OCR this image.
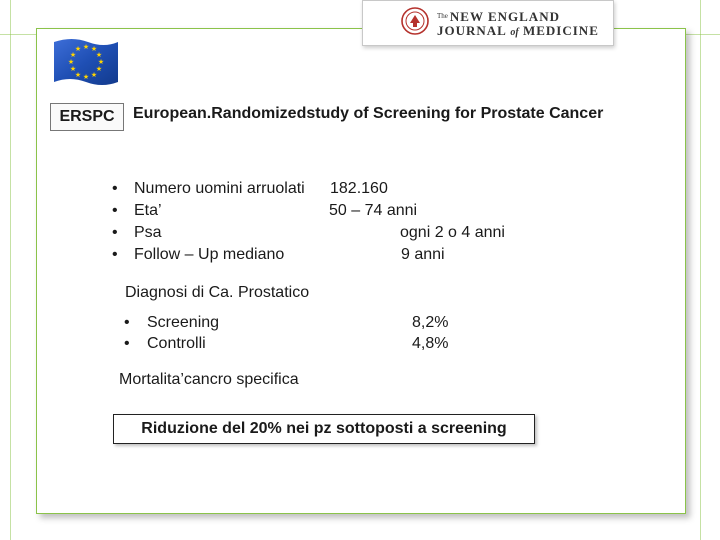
$^{The}$ NEW ENGLAND
JOURNAL of MEDICINE
★ ★
★
★
★
★
★
★
★
★
★
★
ERSPC	European.Randomizedstudy of Screening for Prostate Cancer
• Numero uomini arruolati 182.160
• Eta’	50 – 74 anni
• Psa	ogni 2 o 4 anni
• Follow – Up mediano	9 anni
Diagnosi di Ca. Prostatico
• Screening	8,2%
• Controlli	4,8%
Mortalita’cancro specifica
Riduzione del 20% nei pz sottoposti a screening
